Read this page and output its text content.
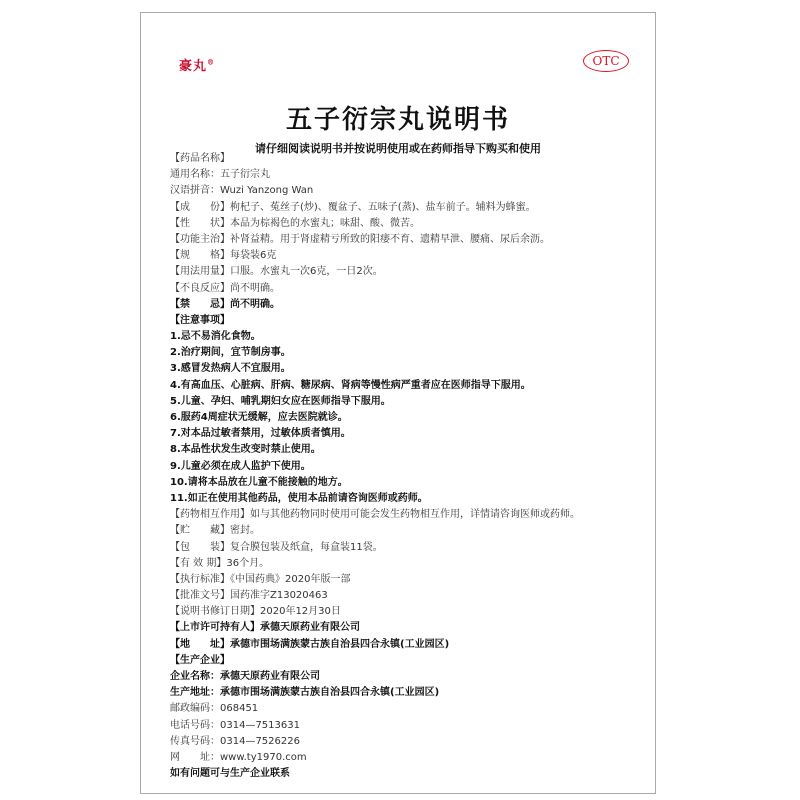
豪丸®	OTC
五子衍宗丸说明书
请仔细阅读说明书并按说明使用或在药师指导下购买和使用
【药品名称】
通用名称：五子衍宗丸
汉语拼音：Wuzi Yanzong Wan
【成　　份】枸杞子、菟丝子(炒)、覆盆子、五味子(蒸)、盐车前子。辅料为蜂蜜。
【性　　状】本品为棕褐色的水蜜丸；味甜、酸、微苦。
【功能主治】补肾益精。用于肾虚精亏所致的阳痿不育、遗精早泄、腰痛、尿后余沥。
【规　　格】每袋装6克
【用法用量】口服。水蜜丸一次6克，一日2次。
【不良反应】尚不明确。
【禁　　忌】尚不明确。
【注意事项】
1.忌不易消化食物。
2.治疗期间，宜节制房事。
3.感冒发热病人不宜服用。
4.有高血压、心脏病、肝病、糖尿病、肾病等慢性病严重者应在医师指导下服用。
5.儿童、孕妇、哺乳期妇女应在医师指导下服用。
6.服药4周症状无缓解，应去医院就诊。
7.对本品过敏者禁用，过敏体质者慎用。
8.本品性状发生改变时禁止使用。
9.儿童必须在成人监护下使用。
10.请将本品放在儿童不能接触的地方。
11.如正在使用其他药品，使用本品前请咨询医师或药师。
【药物相互作用】如与其他药物同时使用可能会发生药物相互作用，详情请咨询医师或药师。
【贮　　藏】密封。
【包　　装】复合膜包装及纸盒，每盒装11袋。
【有 效 期】36个月。
【执行标准】《中国药典》2020年版一部
【批准文号】国药准字Z13020463
【说明书修订日期】2020年12月30日
【上市许可持有人】承德天原药业有限公司
【地　　址】承德市围场满族蒙古族自治县四合永镇(工业园区)
【生产企业】
企业名称：承德天原药业有限公司
生产地址：承德市围场满族蒙古族自治县四合永镇(工业园区)
邮政编码：068451
电话号码：0314—7513631
传真号码：0314—7526226
网　　址：www.ty1970.com
如有问题可与生产企业联系
